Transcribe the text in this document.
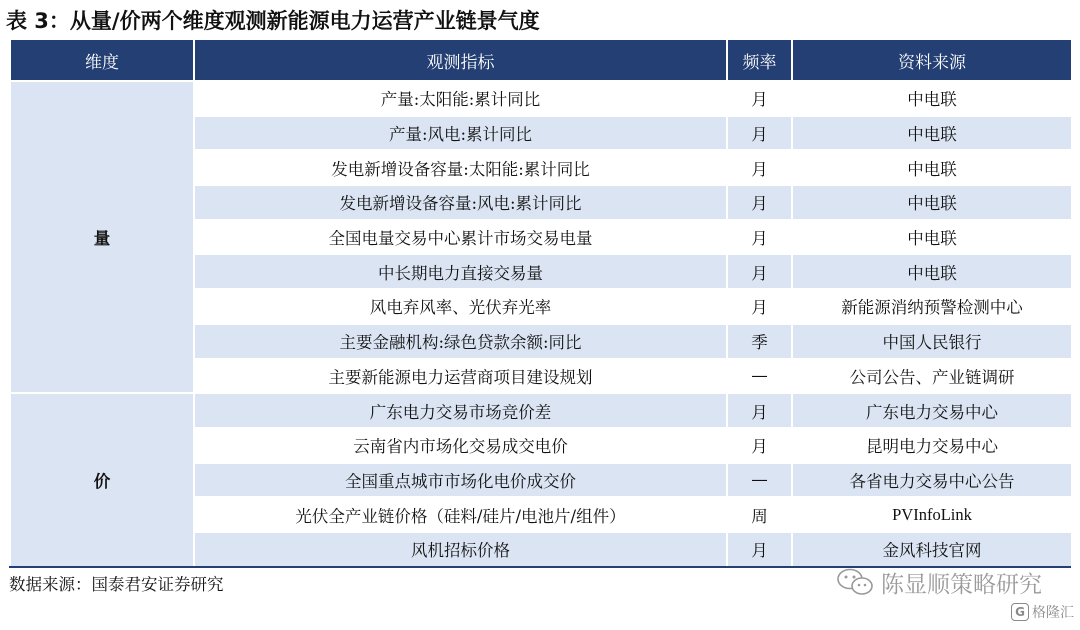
表 3：从量/价两个维度观测新能源电力运营产业链景气度
维度	观测指标	频率	资料来源
量	产量:太阳能:累计同比	月	中电联
	产量:风电:累计同比	月	中电联
	发电新增设备容量:太阳能:累计同比	月	中电联
	发电新增设备容量:风电:累计同比	月	中电联
	全国电量交易中心累计市场交易电量	月	中电联
	中长期电力直接交易量	月	中电联
	风电弃风率、光伏弃光率	月	新能源消纳预警检测中心
	主要金融机构:绿色贷款余额:同比	季	中国人民银行
	主要新能源电力运营商项目建设规划	—	公司公告、产业链调研
价	广东电力交易市场竞价差	月	广东电力交易中心
	云南省内市场化交易成交电价	月	昆明电力交易中心
	全国重点城市市场化电价成交价	—	各省电力交易中心公告
	光伏全产业链价格（硅料/硅片/电池片/组件）	周	PVInfoLink
	风机招标价格	月	金风科技官网
数据来源：国泰君安证券研究	陈显顺策略研究
G 格隆汇
